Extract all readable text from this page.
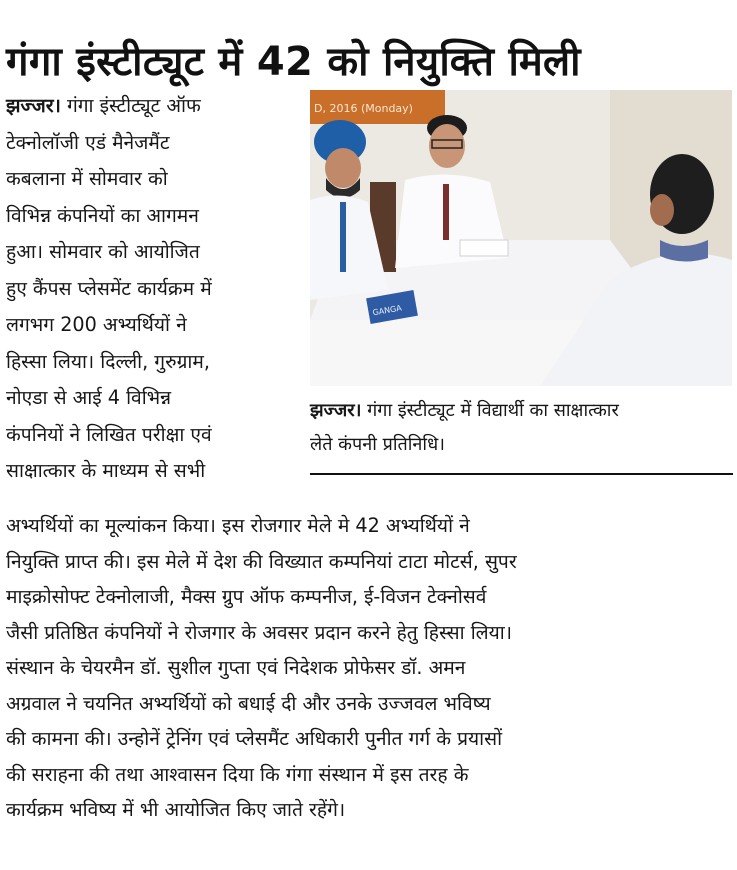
गंगा इंस्टीट्यूट में 42 को नियुक्ति मिली
झज्जर। गंगा इंस्टीट्यूट ऑफ
टेक्नोलॉजी एडं मैनेजमैंट
कबलाना में सोमवार को
विभिन्न कंपनियों का आगमन
हुआ। सोमवार को आयोजित
हुए कैंपस प्लेसमेंट कार्यक्रम में
लगभग 200 अभ्यर्थियों ने
हिस्सा लिया। दिल्ली, गुरुग्राम,
नोएडा से आई 4 विभिन्न
कंपनियों ने लिखित परीक्षा एवं
साक्षात्कार के माध्यम से सभी
D, 2016 (Monday)
GANGA
झज्जर। गंगा इंस्टीट्यूट में विद्यार्थी का साक्षात्कार
लेते कंपनी प्रतिनिधि।
अभ्यर्थियों का मूल्यांकन किया। इस रोजगार मेले मे 42 अभ्यर्थियों ने
नियुक्ति प्राप्त की। इस मेले में देश की विख्यात कम्पनियां टाटा मोटर्स, सुपर
माइक्रोसोफ्ट टेक्नोलाजी, मैक्स ग्रुप ऑफ कम्पनीज, ई-विजन टेक्नोसर्व
जैसी प्रतिष्ठित कंपनियों ने रोजगार के अवसर प्रदान करने हेतु हिस्सा लिया।
संस्थान के चेयरमैन डॉ. सुशील गुप्ता एवं निदेशक प्रोफेसर डॉ. अमन
अग्रवाल ने चयनित अभ्यर्थियों को बधाई दी और उनके उज्जवल भविष्य
की कामना की। उन्होनें ट्रेनिंग एवं प्लेसमैंट अधिकारी पुनीत गर्ग के प्रयासों
की सराहना की तथा आश्वासन दिया कि गंगा संस्थान में इस तरह के
कार्यक्रम भविष्य में भी आयोजित किए जाते रहेंगे।
